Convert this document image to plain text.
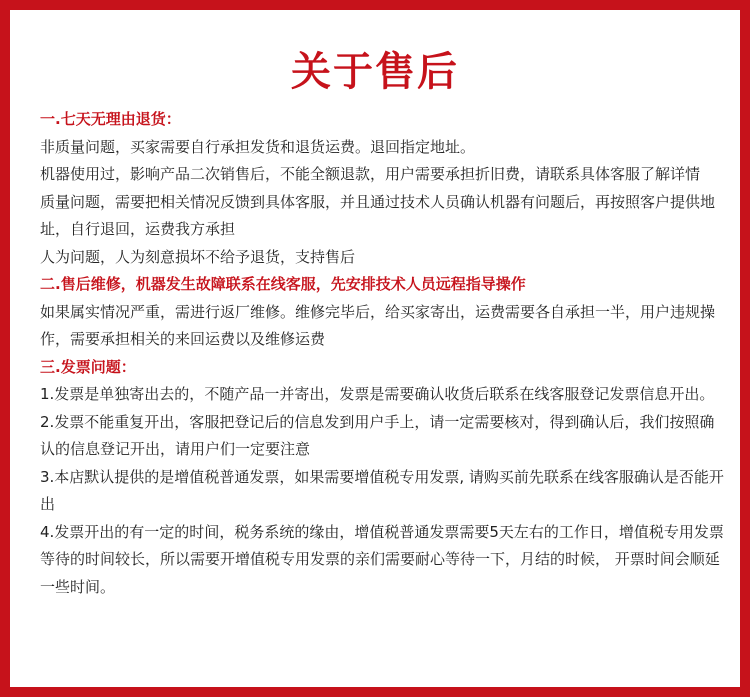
关于售后

一.七天无理由退货：

非质量问题，买家需要自行承担发货和退货运费。退回指定地址。

机器使用过，影响产品二次销售后，不能全额退款，用户需要承担折旧费，请联系具体客服了解详情

质量问题，需要把相关情况反馈到具体客服，并且通过技术人员确认机器有问题后，再按照客户提供地址，自行退回，运费我方承担

人为问题，人为刻意损坏不给予退货，支持售后

二.售后维修，机器发生故障联系在线客服，先安排技术人员远程指导操作

如果属实情况严重，需进行返厂维修。维修完毕后，给买家寄出，运费需要各自承担一半，用户违规操作，需要承担相关的来回运费以及维修运费

三.发票问题：

1.发票是单独寄出去的，不随产品一并寄出，发票是需要确认收货后联系在线客服登记发票信息开出。

2.发票不能重复开出，客服把登记后的信息发到用户手上，请一定需要核对，得到确认后，我们按照确认的信息登记开出，请用户们一定要注意

3.本店默认提供的是增值税普通发票，如果需要增值税专用发票, 请购买前先联系在线客服确认是否能开出

4.发票开出的有一定的时间，税务系统的缘由，增值税普通发票需要5天左右的工作日，增值税专用发票等待的时间较长，所以需要开增值税专用发票的亲们需要耐心等待一下，月结的时候， 开票时间会顺延一些时间。
